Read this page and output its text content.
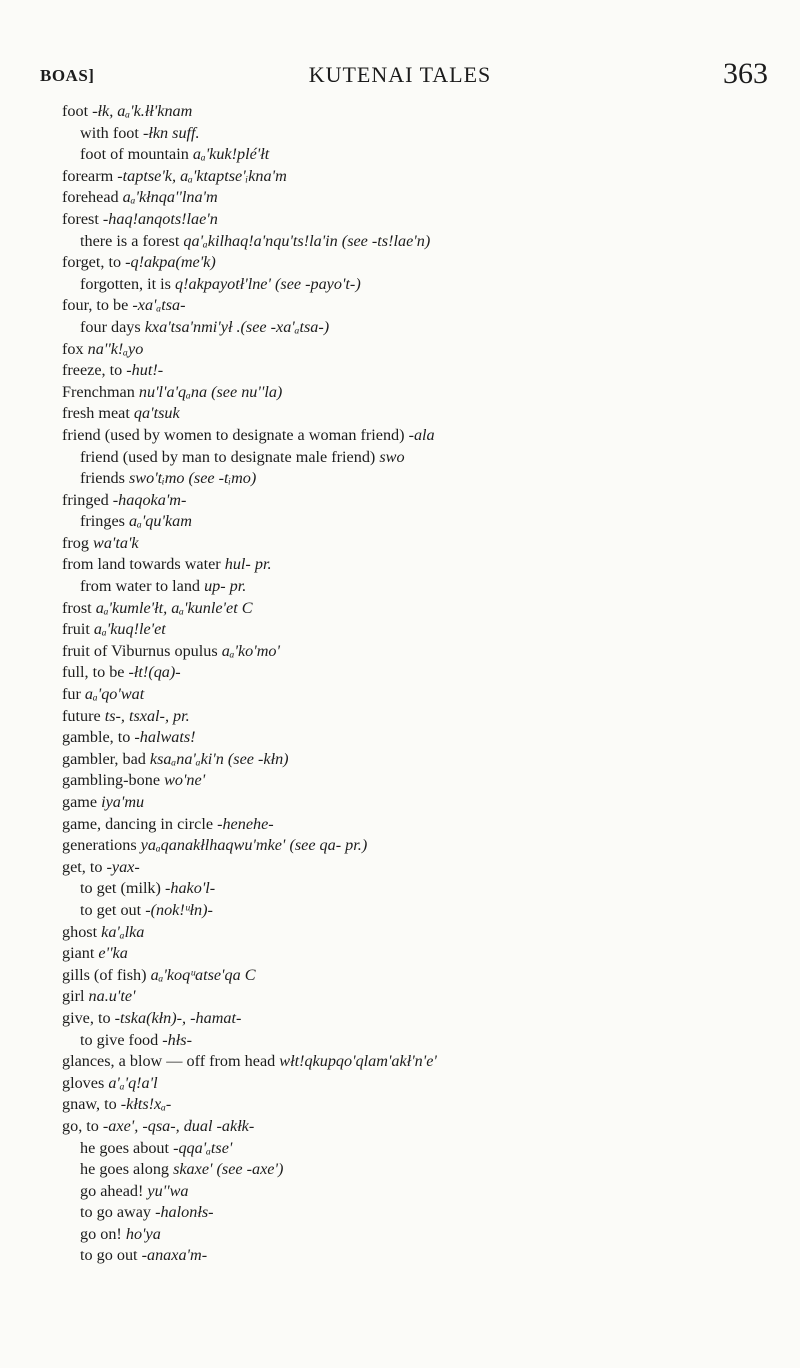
BOAS]	KUTENAI TALES	363
foot -łk, aₐ'k.łł'knam
with foot -łkn suff.
foot of mountain aₐ'kuk!plé'łt
forearm -taptse'k, aₐ'ktaptse'ᵢkna'm
forehead aₐ'kłnqa''lna'm
forest -haq!anqots!lae'n
there is a forest qa'ₐkilhaq!a'nqu'ts!la'in (see -ts!lae'n)
forget, to -q!akpa(me'k)
forgotten, it is q!akpayotł'lne' (see -payo't-)
four, to be -xa'ₐtsa-
four days kxa'tsa'nmi'ył .(see -xa'ₐtsa-)
fox na''k!ₐyo
freeze, to -hut!-
Frenchman nu'l'a'qₐna (see nu''la)
fresh meat qa'tsuk
friend (used by women to designate a woman friend) -ala
friend (used by man to designate male friend) swo
friends swo'tᵢmo (see -tᵢmo)
fringed -haqoka'm-
fringes aₐ'qu'kam
frog wa'ta'k
from land towards water hul- pr.
from water to land up- pr.
frost aₐ'kumle'łt, aₐ'kunle'et C
fruit aₐ'kuq!le'et
fruit of Viburnus opulus aₐ'ko'mo'
full, to be -łt!(qa)-
fur aₐ'qo'wat
future ts-, tsxal-, pr.
gamble, to -halwats!
gambler, bad ksaₐna'ₐki'n (see -kłn)
gambling-bone wo'ne'
game iya'mu
game, dancing in circle -henehe-
generations yaₐqanakłlhaqwu'mke' (see qa- pr.)
get, to -yax-
to get (milk) -hako'l-
to get out -(nok!ᵘłn)-
ghost ka'ₐlka
giant e''ka
gills (of fish) aₐ'koqᵘatse'qa C
girl na.u'te'
give, to -tska(kłn)-, -hamat-
to give food -hłs-
glances, a blow — off from head włt!qkupqo'qlam'akł'n'e'
gloves a'ₐ'q!a'l
gnaw, to -kłts!xₐ-
go, to -axe', -qsa-, dual -akłk-
he goes about -qqa'ₐtse'
he goes along skaxe' (see -axe')
go ahead! yu''wa
to go away -halonłs-
go on! ho'ya
to go out -anaxa'm-
